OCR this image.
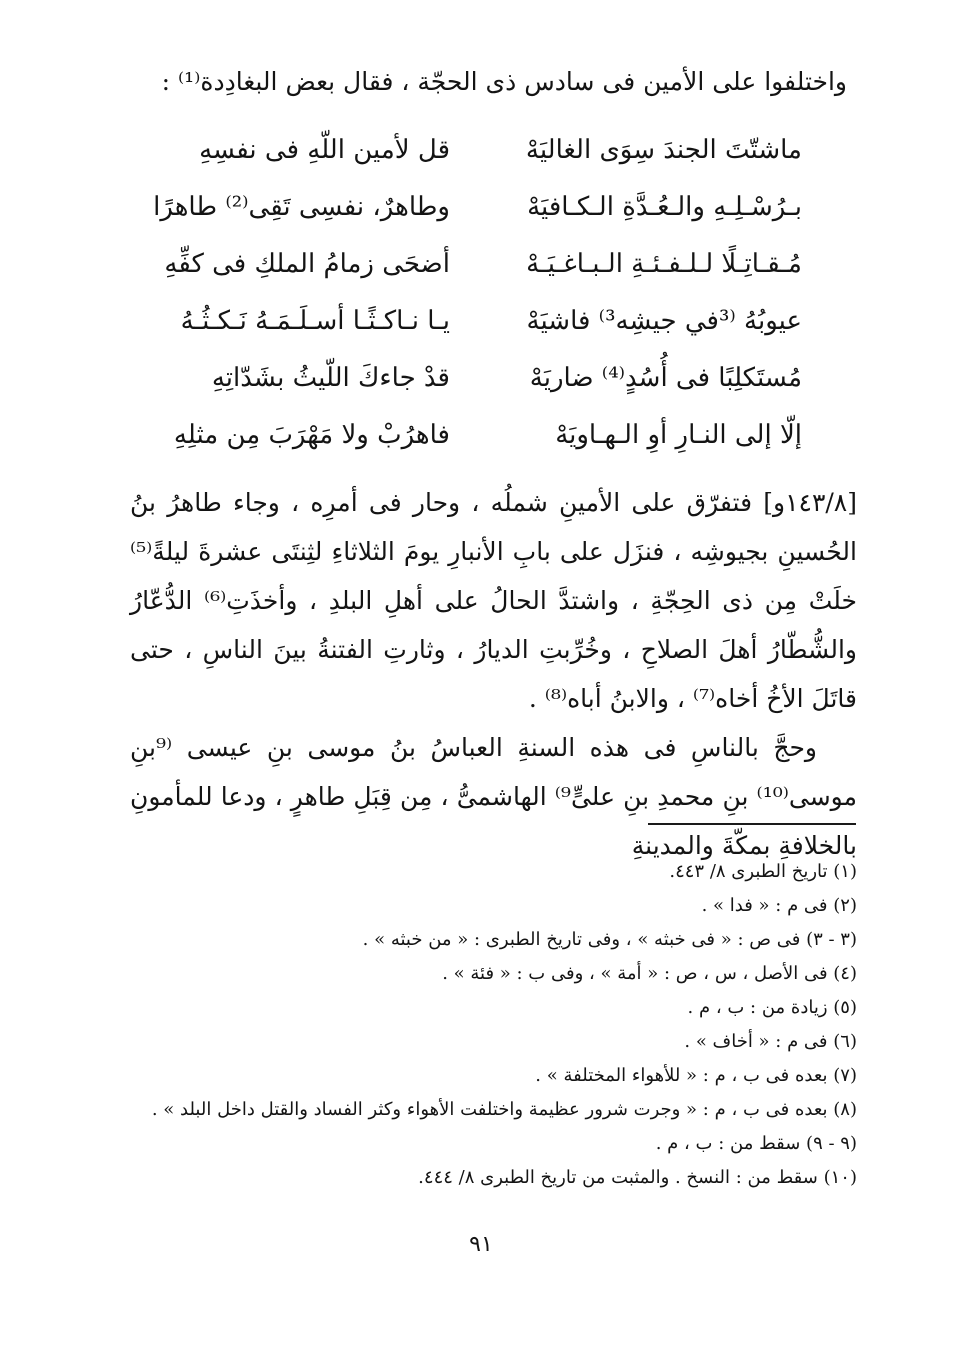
واختلفوا على الأمين فى سادس ذى الحجّة ، فقال بعض البغادِدة⁽¹⁾ :
قل لأمين اللّهِ فى نفسِهِ	ماشتّتَ الجندَ سِوَى الغاليَهْ
وطاهرٌ، نفسِى تَقِى⁽²⁾ طاهرًا	بـرُسْـلِـهِ والـعُـدَّةِ الـكـافيَهْ
أضحَى زمامُ الملكِ فى كفِّهِ	مُـقـاتِـلًا لـلـفـئـةِ الـبـاغـيَـهْ
يـا نـاكـثًـا أسـلَـمَـهُ نَـكـثُـهُ	عيوبُهُ ⁽³في جيشِه³⁾ فاشيَهْ
قدْ جاءكَ اللّيثُ بشَدّاتِهِ	مُستَكلِبًا فى أُسُدٍ⁽⁴⁾ ضاريَهْ
فاهرُبْ ولا مَهْرَبَ مِن مثلِهِ	إلّا إلى النـارِ أوِ الـهـاويَهْ

[١٤٣/٨و] فتفرّق على الأمينِ شملُه ، وحار فى أمرِه ، وجاء طاهرُ بنُ الحُسينِ بجيوشِه ، فنزَل على بابِ الأنبارِ يومَ الثلاثاءِ لثِنتَى عشرةَ ليلةً⁽⁵⁾ خلَتْ مِن ذى الحِجّةِ ، واشتدَّ الحالُ على أهلِ البلدِ ، وأخذَتِ⁽⁶⁾ الدُّعّارُ والشُّطّارُ أهلَ الصلاحِ ، وخُرِّبتِ الديارُ ، وثارتِ الفتنةُ بينَ الناسِ ، حتى قاتَلَ الأخُ أخاه⁽⁷⁾ ، والابنُ أباه⁽⁸⁾ .

وحجَّ بالناسِ فى هذه السنةِ العباسُ بنُ موسى بنِ عيسى ⁽⁹بنِ موسى⁽¹⁰⁾ بنِ محمدِ بنِ علىٍّ⁹⁾ الهاشمىُّ ، مِن قِبَلِ طاهرٍ ، ودعا للمأمونِ بالخلافةِ بمكّةَ والمدينةِ

(١) تاريخ الطبرى ٨/ ٤٤٣.
(٢) فى م : « فدا » .
(٣ - ٣) فى ص : « فى خبثه » ، وفى تاريخ الطبرى : « من خبثه » .
(٤) فى الأصل ، س ، ص : « أمة » ، وفى ب : « فئة » .
(٥) زيادة من : ب ، م .
(٦) فى م : « أخاف » .
(٧) بعده فى ب ، م : « للأهواء المختلفة » .
(٨) بعده فى ب ، م : « وجرت شرور عظيمة واختلفت الأهواء وكثر الفساد والقتل داخل البلد » .
(٩ - ٩) سقط من : ب ، م .
(١٠) سقط من : النسخ . والمثبت من تاريخ الطبرى ٨/ ٤٤٤.
٩١
